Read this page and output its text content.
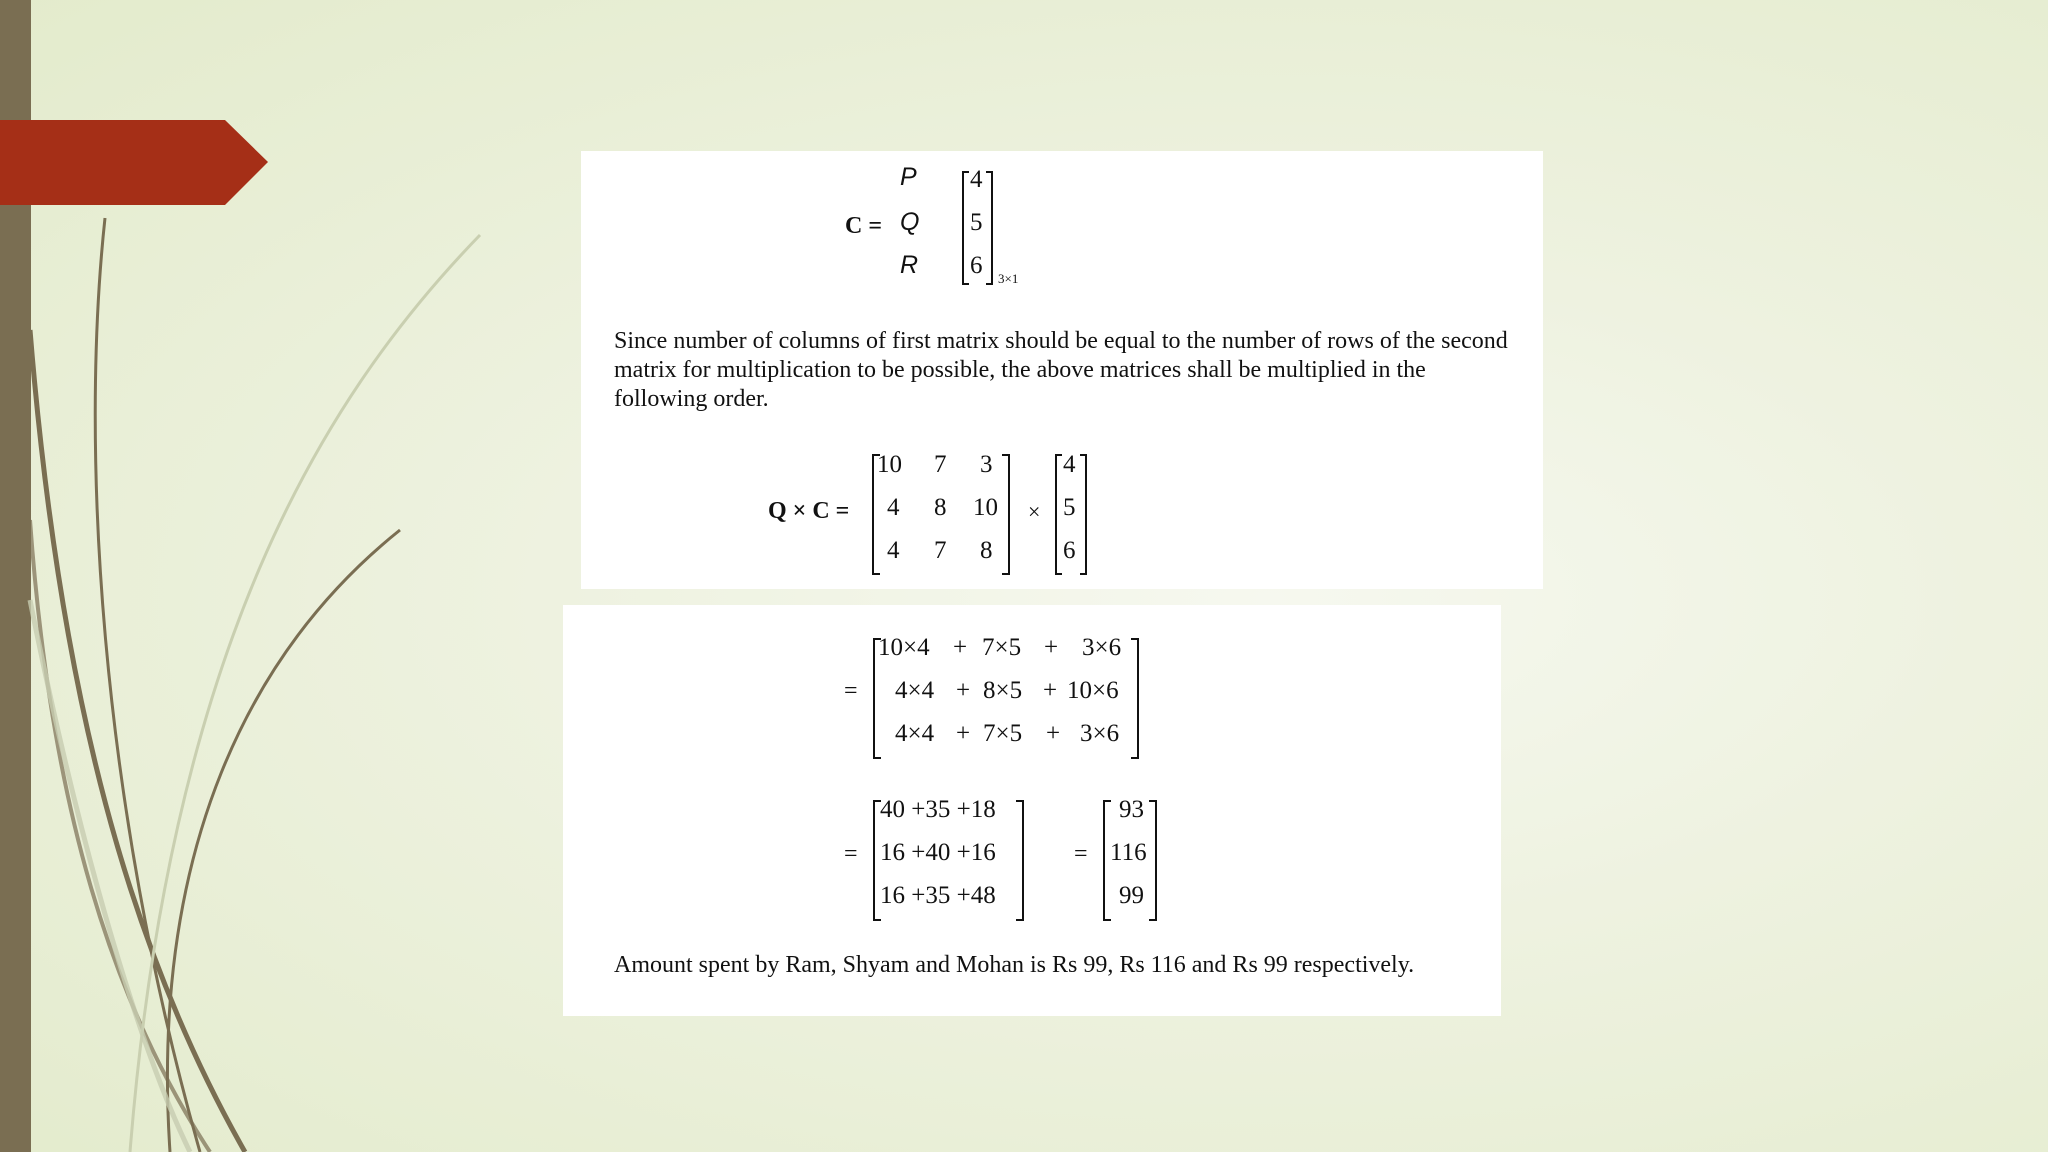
C =
P
Q
R
4
5
6 3×1
Since number of columns of first matrix should be equal to the number of rows of the second matrix for multiplication to be possible, the above matrices shall be multiplied in the following order.
Q × C =
10 7 3
4 8 10
4 7 8
×
4
5
6
=
10×4 + 7×5 + 3×6
4×4 + 8×5 + 10×6
4×4 + 7×5 + 3×6
=
40 +35 +18
16 +40 +16
16 +35 +48
=
93
116
99
Amount spent by Ram, Shyam and Mohan is Rs 99, Rs 116 and Rs 99 respectively.
